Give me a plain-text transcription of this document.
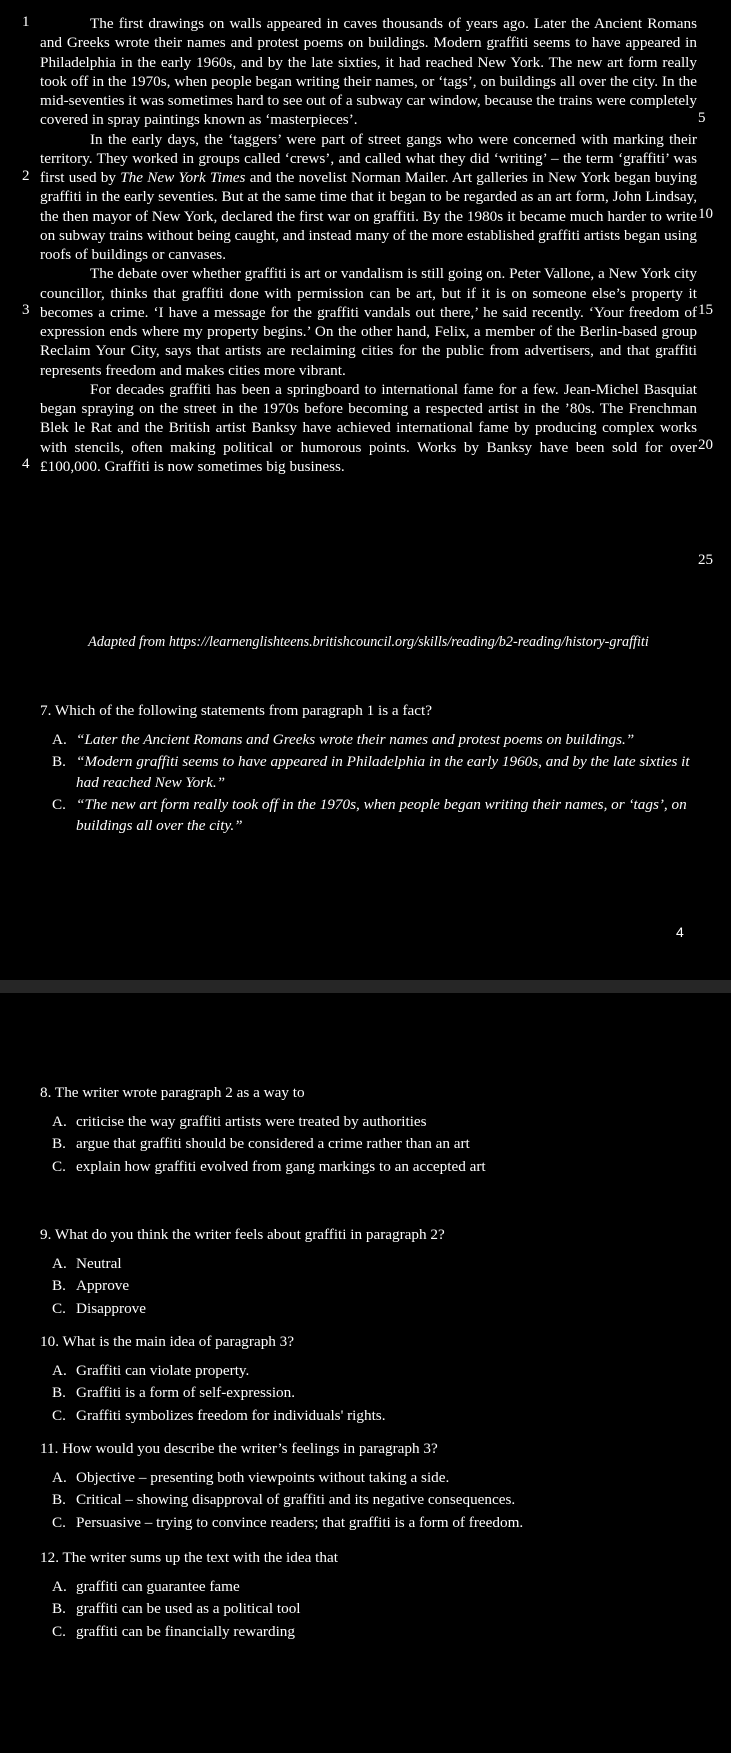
The first drawings on walls appeared in caves thousands of years ago. Later the Ancient Romans and Greeks wrote their names and protest poems on buildings. Modern graffiti seems to have appeared in Philadelphia in the early 1960s, and by the late sixties, it had reached New York. The new art form really took off in the 1970s, when people began writing their names, or ‘tags’, on buildings all over the city. In the mid-seventies it was sometimes hard to see out of a subway car window, because the trains were completely covered in spray paintings known as ‘masterpieces’.

In the early days, the ‘taggers’ were part of street gangs who were concerned with marking their territory. They worked in groups called ‘crews’, and called what they did ‘writing’ – the term ‘graffiti’ was first used by The New York Times and the novelist Norman Mailer. Art galleries in New York began buying graffiti in the early seventies. But at the same time that it began to be regarded as an art form, John Lindsay, the then mayor of New York, declared the first war on graffiti. By the 1980s it became much harder to write on subway trains without being caught, and instead many of the more established graffiti artists began using roofs of buildings or canvases.

The debate over whether graffiti is art or vandalism is still going on. Peter Vallone, a New York city councillor, thinks that graffiti done with permission can be art, but if it is on someone else’s property it becomes a crime. ‘I have a message for the graffiti vandals out there,’ he said recently. ‘Your freedom of expression ends where my property begins.’ On the other hand, Felix, a member of the Berlin-based group Reclaim Your City, says that artists are reclaiming cities for the public from advertisers, and that graffiti represents freedom and makes cities more vibrant.

For decades graffiti has been a springboard to international fame for a few. Jean-Michel Basquiat began spraying on the street in the 1970s before becoming a respected artist in the ’80s. The Frenchman Blek le Rat and the British artist Banksy have achieved international fame by producing complex works with stencils, often making political or humorous points. Works by Banksy have been sold for over £100,000. Graffiti is now sometimes big business.

1
2
3
4
5
10
15
20
25
Adapted from https://learnenglishteens.britishcouncil.org/skills/reading/b2-reading/history-graffiti

7. Which of the following statements from paragraph 1 is a fact?

A. “Later the Ancient Romans and Greeks wrote their names and protest poems on buildings.”
B. “Modern graffiti seems to have appeared in Philadelphia in the early 1960s, and by the late sixties it had reached New York.”
C. “The new art form really took off in the 1970s, when people began writing their names, or ‘tags’, on buildings all over the city.”
4

8. The writer wrote paragraph 2 as a way to

A. criticise the way graffiti artists were treated by authorities
B. argue that graffiti should be considered a crime rather than an art
C. explain how graffiti evolved from gang markings to an accepted art

9. What do you think the writer feels about graffiti in paragraph 2?

A. Neutral
B. Approve
C. Disapprove

10. What is the main idea of paragraph 3?

A. Graffiti can violate property.
B. Graffiti is a form of self-expression.
C. Graffiti symbolizes freedom for individuals' rights.

11. How would you describe the writer’s feelings in paragraph 3?

A. Objective – presenting both viewpoints without taking a side.
B. Critical – showing disapproval of graffiti and its negative consequences.
C. Persuasive – trying to convince readers; that graffiti is a form of freedom.

12. The writer sums up the text with the idea that

A. graffiti can guarantee fame
B. graffiti can be used as a political tool
C. graffiti can be financially rewarding
